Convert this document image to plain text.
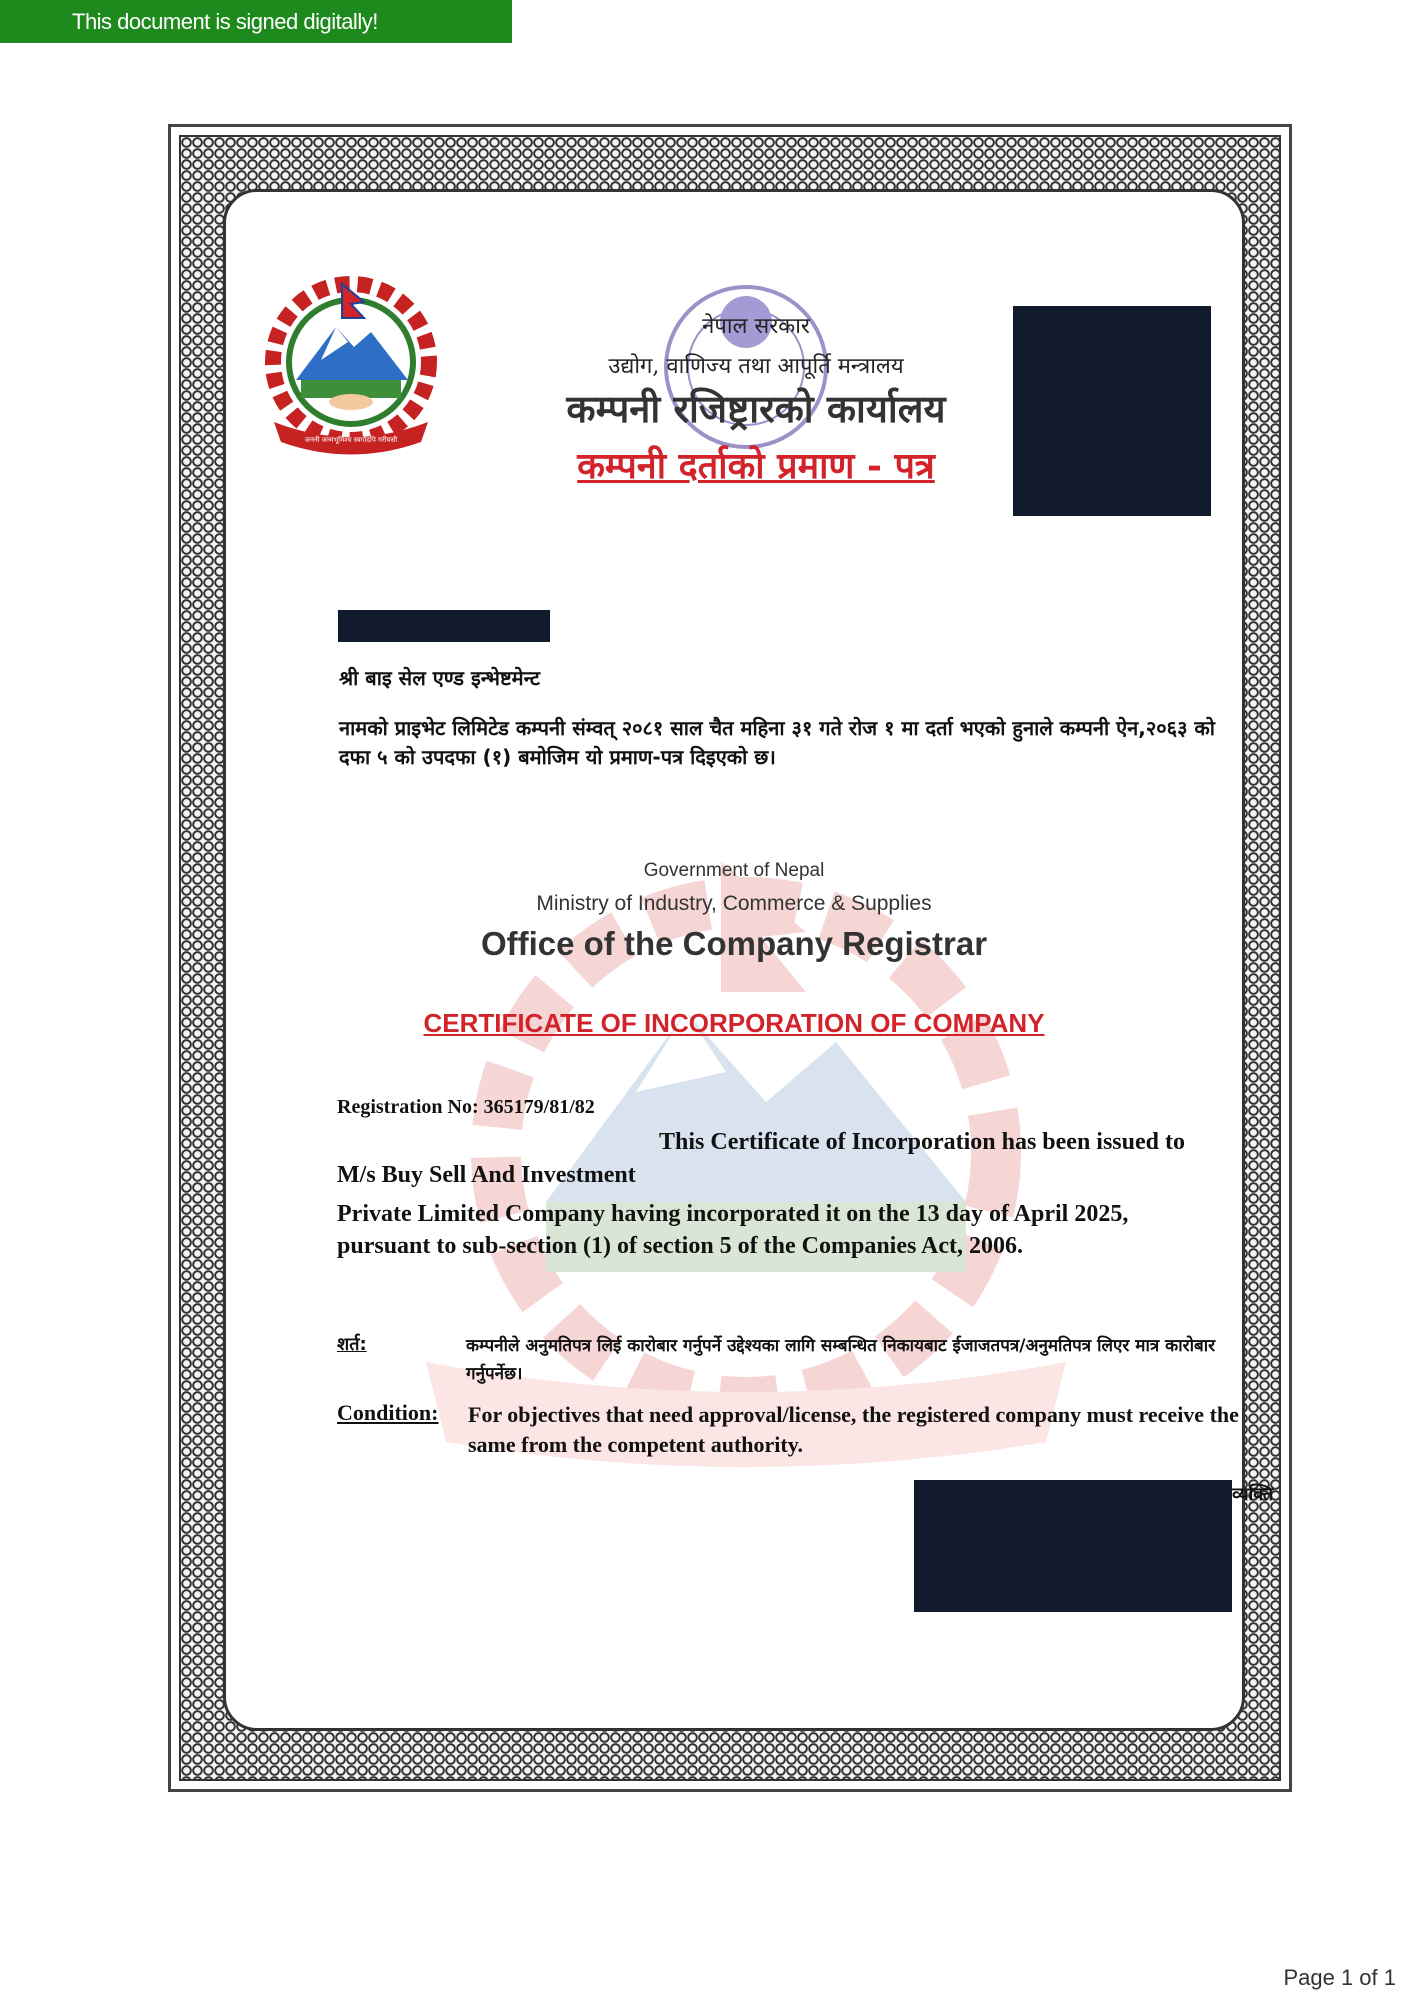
This document is signed digitally!
जननी जन्मभूमिश्च स्वर्गादपि गरीयसी
नेपाल सरकार
उद्योग, वाणिज्य तथा आपूर्ति मन्त्रालय
कम्पनी रजिष्ट्रारको कार्यालय
कम्पनी दर्ताको प्रमाण - पत्र
श्री बाइ सेल एण्ड इन्भेष्टमेन्ट
नामको प्राइभेट लिमिटेड कम्पनी संम्वत् २०८१ साल चैत महिना ३१ गते रोज १ मा दर्ता भएको हुनाले कम्पनी ऐन,२०६३ को दफा ५ को उपदफा (१) बमोजिम यो प्रमाण-पत्र दिइएको छ।
Government of Nepal
Ministry of Industry, Commerce & Supplies
Office of the Company Registrar
CERTIFICATE OF INCORPORATION OF COMPANY
Registration No: 365179/81/82
This Certificate of Incorporation has been issued to
M/s Buy Sell And Investment
Private Limited Company having incorporated it on the 13 day of April 2025, pursuant to sub-section (1) of section 5 of the Companies Act, 2006.
शर्त:	कम्पनीले अनुमतिपत्र लिई कारोबार गर्नुपर्ने उद्देश्यका लागि सम्बन्धित निकायबाट ईजाजतपत्र/अनुमतिपत्र लिएर मात्र कारोबार गर्नुपर्नेछ।
Condition: For objectives that need approval/license, the registered company must receive the same from the competent authority.
व्यक्ति
Page 1 of 1
